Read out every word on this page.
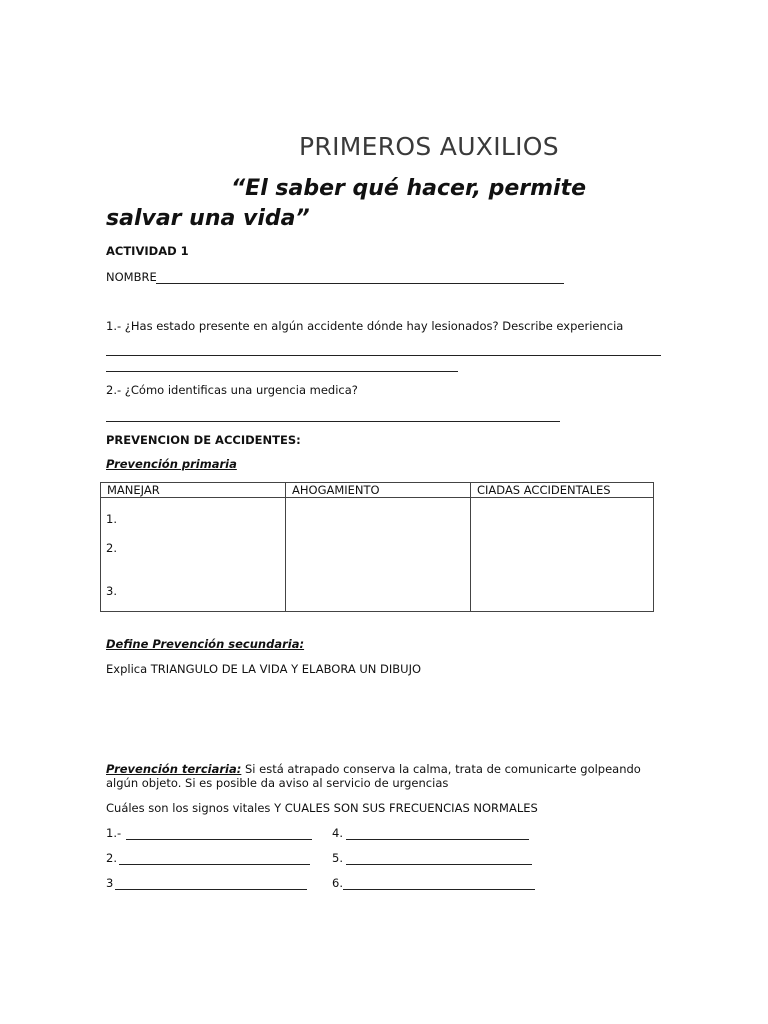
PRIMEROS AUXILIOS
“El saber qué hacer, permite
salvar una vida”
ACTIVIDAD 1
NOMBRE
1.- ¿Has estado presente en algún accidente dónde hay lesionados? Describe experiencia
2.- ¿Cómo identificas una urgencia medica?
PREVENCION DE ACCIDENTES:
Prevención primaria
MANEJAR	AHOGAMIENTO	CIADAS ACCIDENTALES

1.
2.
3.
Define Prevención secundaria:
Explica TRIANGULO DE LA VIDA Y ELABORA UN DIBUJO
Prevención terciaria: Si está atrapado conserva la calma, trata de comunicarte golpeando
algún objeto. Si es posible da aviso al servicio de urgencias
Cuáles son los signos vitales Y CUALES SON SUS FRECUENCIAS NORMALES
1.-	4.
2.	5.
3	6.
